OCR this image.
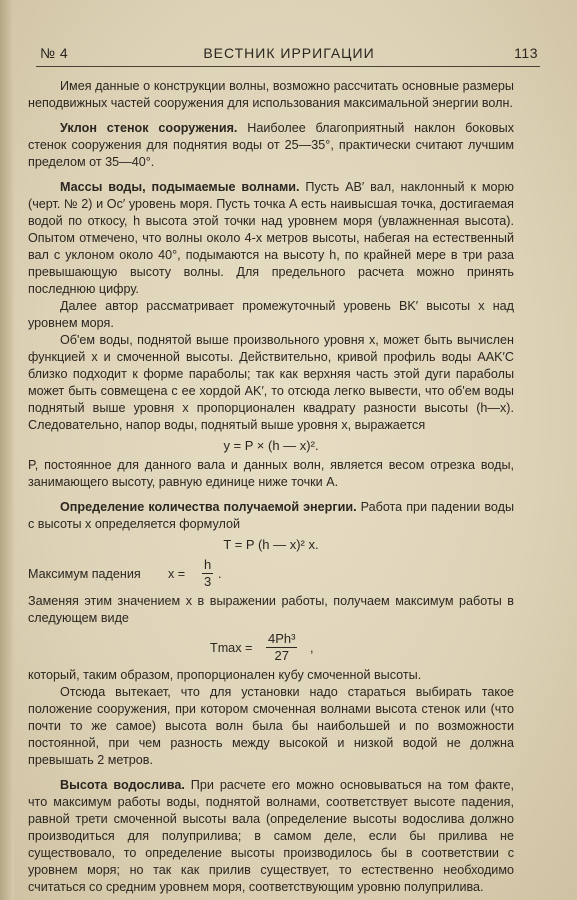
№ 4	ВЕСТНИК ИРРИГАЦИИ	113

Имея данные о конструкции волны, возможно рассчитать основные размеры неподвижных частей сооружения для использования максимальной энергии волн.

Уклон стенок сооружения. Наиболее благоприятный наклон боковых стенок сооружения для поднятия воды от 25—35°, практически считают лучшим пределом от 35—40°.

Массы воды, подымаемые волнами. Пусть AB′ вал, наклонный к морю (черт. № 2) и Ос′ уровень моря. Пусть точка А есть наивысшая точка, достигаемая водой по откосу, h высота этой точки над уровнем моря (увлажненная высота). Опытом отмечено, что волны около 4-х метров высоты, набегая на естественный вал с уклоном около 40°, подымаются на высоту h, по крайней мере в три раза превышающую высоту волны. Для предельного расчета можно принять последнюю цифру.

Далее автор рассматривает промежуточный уровень BK′ высоты x над уровнем моря.

Об'ем воды, поднятой выше произвольного уровня x, может быть вычислен функцией x и смоченной высоты. Действительно, кривой профиль воды AAK′C близко подходит к форме параболы; так как верхняя часть этой дуги параболы может быть совмещена с ее хордой AK′, то отсюда легко вывести, что об'ем воды поднятый выше уровня x пропорционален квадрату разности высоты (h—x). Следовательно, напор воды, поднятый выше уровня x, выражается

y = P × (h — x)².

P, постоянное для данного вала и данных волн, является весом отрезка воды, занимающего высоту, равную единице ниже точки A.

Определение количества получаемой энергии. Работа при падении воды с высоты x определяется формулой

T = P (h — x)² x.

Максимум падения $x = \frac{h}{3}$ .

Заменяя этим значением x в выражении работы, получаем максимум работы в следующем виде

$Tmax = \frac{\text{4Ph³}}{27}$ ,

который, таким образом, пропорционален кубу смоченной высоты.

Отсюда вытекает, что для установки надо стараться выбирать такое положение сооружения, при котором смоченная волнами высота стенок или (что почти то же самое) высота волн была бы наибольшей и по возможности постоянной, при чем разность между высокой и низкой водой не должна превышать 2 метров.

Высота водослива. При расчете его можно основываться на том факте, что максимум работы воды, поднятой волнами, соответствует высоте падения, равной трети смоченной высоты вала (определение высоты водослива должно производиться для полуприлива; в самом деле, если бы прилива не существовало, то определение высоты производилось бы в соответствии с уровнем моря; но так как прилив существует, то естественно необходимо считаться со средним уровнем моря, соответствующим уровню полуприлива.
